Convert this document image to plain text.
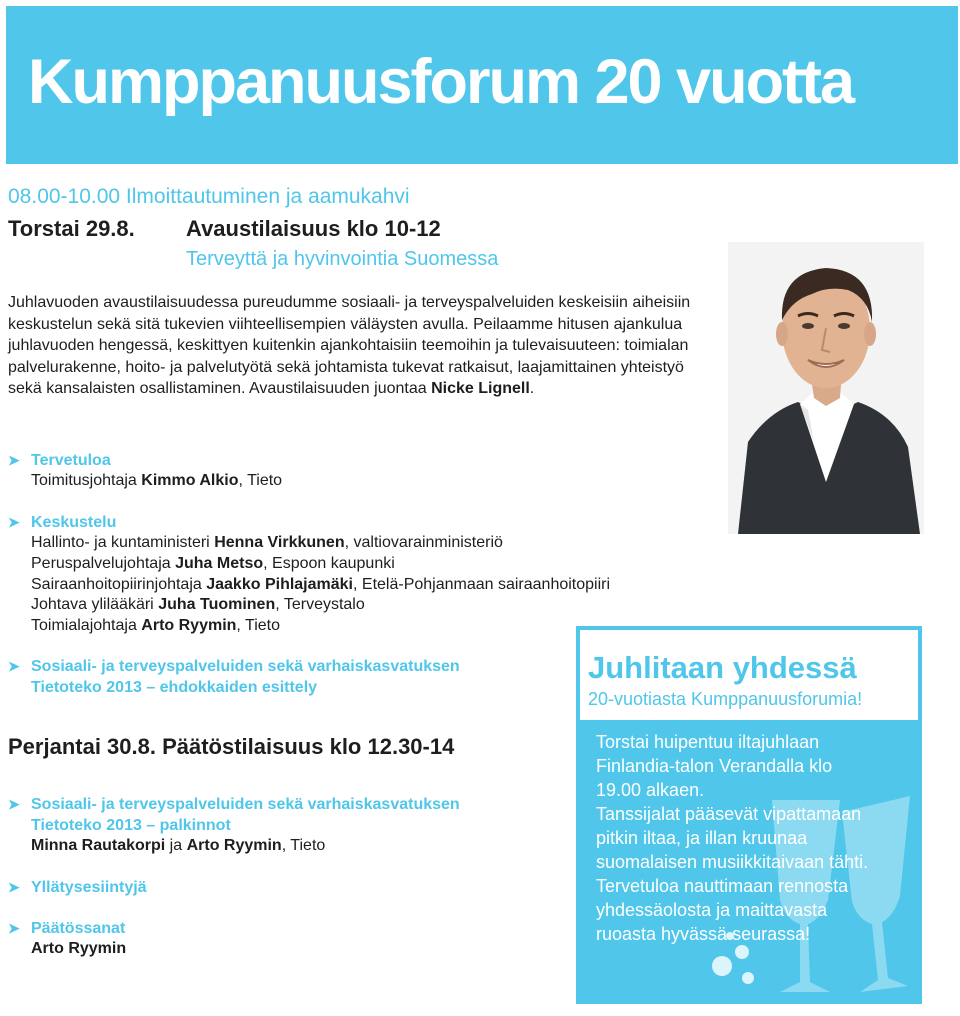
Kumppanuusforum 20 vuotta
08.00-10.00 Ilmoittautuminen ja aamukahvi
Torstai 29.8. Avaustilaisuus klo 10-12
Terveyttä ja hyvinvointia Suomessa
Juhlavuoden avaustilaisuudessa pureudumme sosiaali- ja terveyspalveluiden keskeisiin aiheisiin keskustelun sekä sitä tukevien viihteellisempien väläysten avulla. Peilaamme hitusen ajankulua juhlavuoden hengessä, keskittyen kuitenkin ajankohtaisiin teemoihin ja tulevaisuuteen: toimialan palvelurakenne, hoito- ja palvelutyötä sekä johtamista tukevat ratkaisut, laajamittainen yhteistyö sekä kansalaisten osallistaminen. Avaustilaisuuden juontaa Nicke Lignell.
➤ Tervetuloa
Toimitusjohtaja Kimmo Alkio, Tieto
➤ Keskustelu
Hallinto- ja kuntaministeri Henna Virkkunen, valtiovarainministeriö
Peruspalvelujohtaja Juha Metso, Espoon kaupunki
Sairaanhoitopiirinjohtaja Jaakko Pihlajamäki, Etelä-Pohjanmaan sairaanhoitopiiri
Johtava ylilääkäri Juha Tuominen, Terveystalo
Toimialajohtaja Arto Ryymin, Tieto
➤ Sosiaali- ja terveyspalveluiden sekä varhaiskasvatuksen
Tietoteko 2013 – ehdokkaiden esittely
Perjantai 30.8. Päätöstilaisuus klo 12.30-14
➤ Sosiaali- ja terveyspalveluiden sekä varhaiskasvatuksen
Tietoteko 2013 – palkinnot
Minna Rautakorpi ja Arto Ryymin, Tieto
➤ Yllätysesiintyjä
➤ Päätössanat
Arto Ryymin
Juhlitaan yhdessä
20-vuotiasta Kumppanuusforumia!
Torstai huipentuu iltajuhlaan
Finlandia-talon Verandalla klo
19.00 alkaen.
Tanssijalat pääsevät vipattamaan
pitkin iltaa, ja illan kruunaa
suomalaisen musiikkitaivaan tähti.
Tervetuloa nauttimaan rennosta
yhdessäolosta ja maittavasta
ruoasta hyvässä seurassa!
